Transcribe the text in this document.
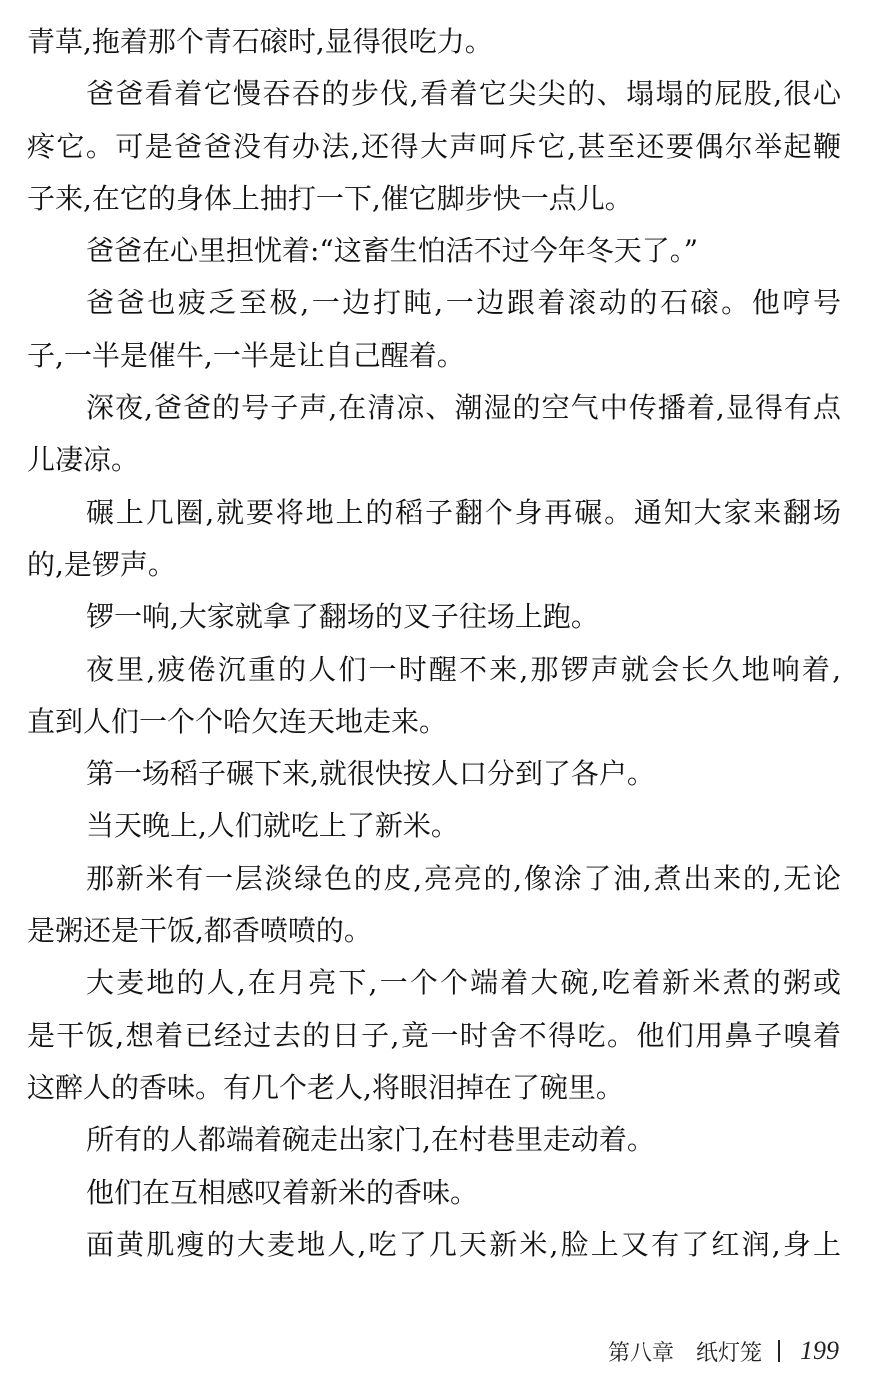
青草,拖着那个青石磙时,显得很吃力。
爸爸看着它慢吞吞的步伐,看着它尖尖的、塌塌的屁股,很心
疼它。可是爸爸没有办法,还得大声呵斥它,甚至还要偶尔举起鞭
子来,在它的身体上抽打一下,催它脚步快一点儿。
爸爸在心里担忧着:“这畜生怕活不过今年冬天了。”
爸爸也疲乏至极,一边打盹,一边跟着滚动的石磙。他哼号
子,一半是催牛,一半是让自己醒着。
深夜,爸爸的号子声,在清凉、潮湿的空气中传播着,显得有点
儿凄凉。
碾上几圈,就要将地上的稻子翻个身再碾。通知大家来翻场
的,是锣声。
锣一响,大家就拿了翻场的叉子往场上跑。
夜里,疲倦沉重的人们一时醒不来,那锣声就会长久地响着,
直到人们一个个哈欠连天地走来。
第一场稻子碾下来,就很快按人口分到了各户。
当天晚上,人们就吃上了新米。
那新米有一层淡绿色的皮,亮亮的,像涂了油,煮出来的,无论
是粥还是干饭,都香喷喷的。
大麦地的人,在月亮下,一个个端着大碗,吃着新米煮的粥或
是干饭,想着已经过去的日子,竟一时舍不得吃。他们用鼻子嗅着
这醉人的香味。有几个老人,将眼泪掉在了碗里。
所有的人都端着碗走出家门,在村巷里走动着。
他们在互相感叹着新米的香味。
面黄肌瘦的大麦地人,吃了几天新米,脸上又有了红润,身上
第八章 纸灯笼 199
